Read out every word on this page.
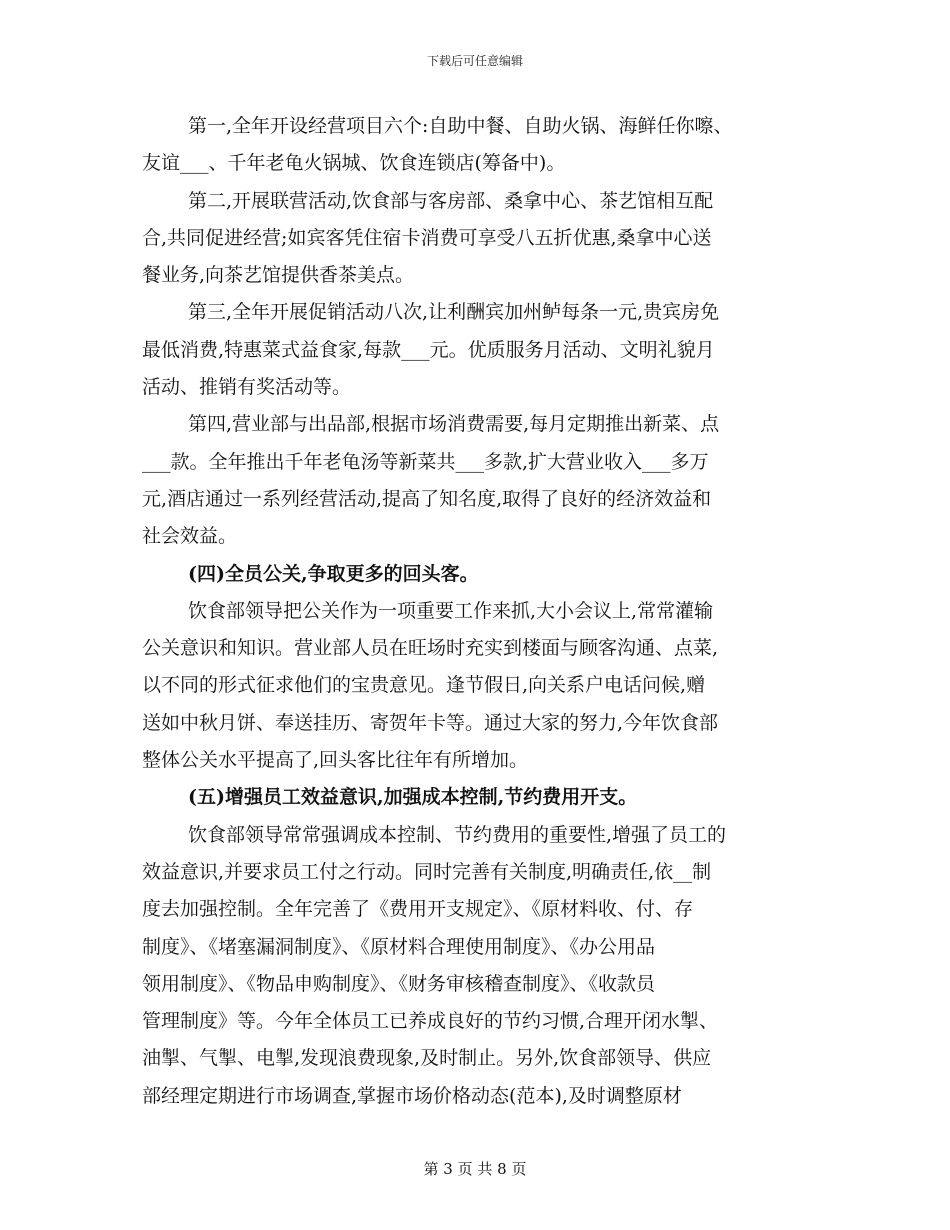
下载后可任意编辑
第一,全年开设经营项目六个:自助中餐、自助火锅、海鲜任你嚓、
友谊___、千年老龟火锅城、饮食连锁店(筹备中)。
第二,开展联营活动,饮食部与客房部、桑拿中心、茶艺馆相互配
合,共同促进经营;如宾客凭住宿卡消费可享受八五折优惠,桑拿中心送
餐业务,向茶艺馆提供香茶美点。
第三,全年开展促销活动八次,让利酬宾加州鲈每条一元,贵宾房免
最低消费,特惠菜式益食家,每款___元。优质服务月活动、文明礼貌月
活动、推销有奖活动等。
第四,营业部与出品部,根据市场消费需要,每月定期推出新菜、点
___款。全年推出千年老龟汤等新菜共___多款,扩大营业收入___多万
元,酒店通过一系列经营活动,提高了知名度,取得了良好的经济效益和
社会效益。
(四)全员公关,争取更多的回头客。
饮食部领导把公关作为一项重要工作来抓,大小会议上,常常灌输
公关意识和知识。营业部人员在旺场时充实到楼面与顾客沟通、点菜,
以不同的形式征求他们的宝贵意见。逢节假日,向关系户电话问候,赠
送如中秋月饼、奉送挂历、寄贺年卡等。通过大家的努力,今年饮食部
整体公关水平提高了,回头客比往年有所增加。
(五)增强员工效益意识,加强成本控制,节约费用开支。
饮食部领导常常强调成本控制、节约费用的重要性,增强了员工的
效益意识,并要求员工付之行动。同时完善有关制度,明确责任,依__制
度去加强控制。全年完善了《费用开支规定》、《原材料收、付、存
制度》、《堵塞漏洞制度》、《原材料合理使用制度》、《办公用品
领用制度》、《物品申购制度》、《财务审核稽查制度》、《收款员
管理制度》等。今年全体员工已养成良好的节约习惯,合理开闭水掣、
油掣、气掣、电掣,发现浪费现象,及时制止。另外,饮食部领导、供应
部经理定期进行市场调查,掌握市场价格动态(范本),及时调整原材
第 3 页 共 8 页
